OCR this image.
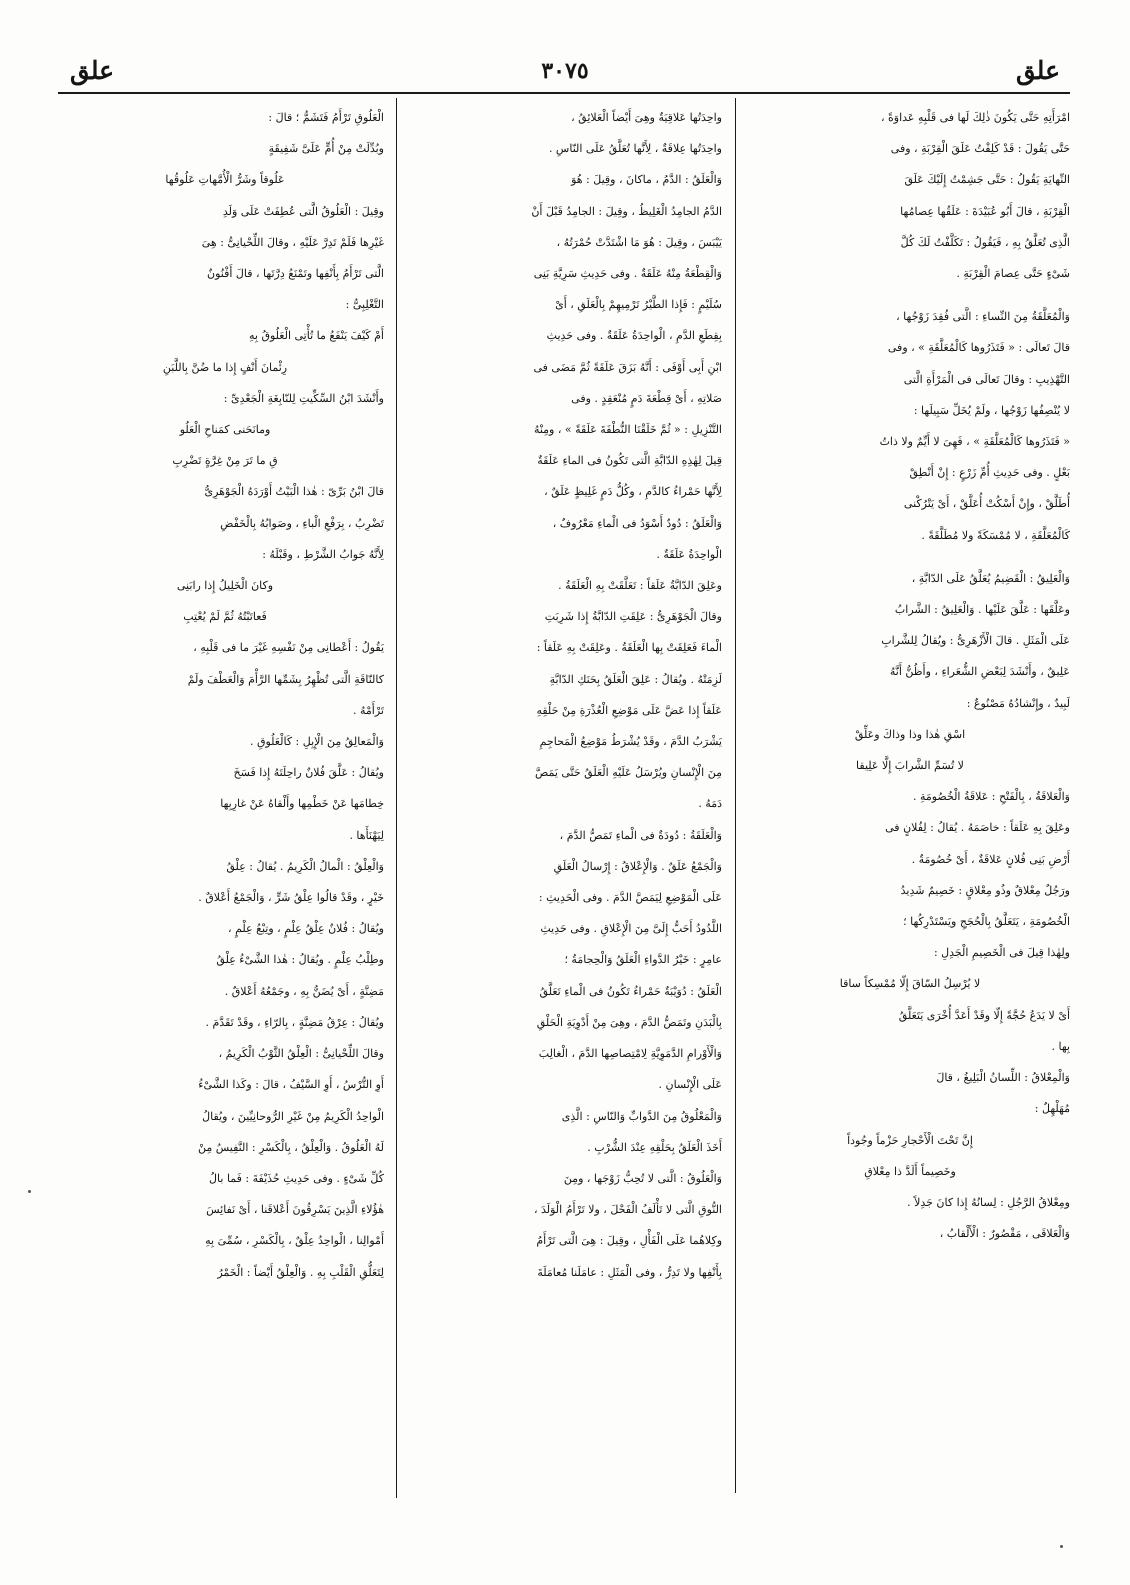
علق
٣٠٧٥
علق
امْرَأَتِهِ حَتَّى يَكُونَ ذٰلِكَ لَها فى قَلْبِهِ عَداوَةً ،
حَتَّى يَقُولَ : قَدْ كَلِفْتُ عَلَقَ الْقِرْبَةِ ، وفى
النِّهايَةِ يَقُولُ : حَتَّى جَشِمْتُ إِلَيْكَ عَلَقَ
الْقِرْبَةِ ، قالَ أَبُو عُبَيْدَةَ : عَلَقُها عِصامُها
الَّذِى تُعَلَّقُ بِهِ ، فَيَقُولُ : تَكَلَّفْتُ لَكَ كُلَّ
شَىْءٍ حَتَّى عِصامَ الْقِرْبَةِ .
وَالْمُعَلَّقَةُ مِنَ النِّساءِ : الَّتى فُقِدَ زَوْجُها ،
قالَ تَعالَى : « فَتَذَرُوها كَالْمُعَلَّقَةِ » ، وفى
التَّهْذِيبِ : وقالَ تَعالَى فى الْمَرْأَةِ الَّتى
لا يُنْصِفُها زَوْجُها ، ولَمْ يُخَلِّ سَبِيلَها :
« فَتَذَرُوها كَالْمُعَلَّقَةِ » ، فَهِىَ لا أَيِّمٌ ولا ذاتُ
بَعْلٍ . وفى حَدِيثِ أُمِّ زَرْعٍ : إِنْ أَنْطِقْ
أُطَلَّقْ ، وإِنْ أَسْكُتْ أُعَلَّقْ ، أَىْ يَتْرُكْنى
كَالْمُعَلَّقَةِ ، لا مُمْسَكَةً ولا مُطَلَّقَةً .
وَالْعَلِيقُ : الْقَضِيمُ يُعَلَّقُ عَلَى الدّابَّةِ ،
وعَلَّقَها : عَلَّقَ عَلَيْها . وَالْعَلِيقُ : الشَّرابُ
عَلَى الْمَثَلِ . قالَ الْأَزْهَرِىُّ : ويُقالُ لِلشَّرابِ
عَلِيقٌ ، وأَنْشَدَ لِبَعْضِ الشُّعَراءِ ، وأَظُنُّ أَنَّهُ
لَبِيدٌ ، وإِنْشادُهُ مَصْنُوعٌ :
اسْقِ هٰذا وذا وذاكَ وعَلِّقْ
لا تُسَمِّ الشَّرابَ إِلَّا عَلِيقا
وَالْعَلاقَةُ ، بِالْفَتْحِ : عَلاقَةُ الْخُصُومَةِ .
وعَلِقَ بِهِ عَلَقاً : خاصَمَهُ . يُقالُ : لِفُلانٍ فى
أَرْضِ بَنِى فُلانٍ عَلاقَةٌ ، أَىْ خُصُومَةٌ .
ورَجُلٌ مِعْلاقٌ وذُو مِعْلاقٍ : خَصِيمٌ شَدِيدُ
الْخُصُومَةِ ، يَتَعَلَّقُ بِالْحُجَجِ ويَسْتَدْرِكُها ؛
ولِهٰذا قِيلَ فى الْخَصِيمِ الْجَدِلِ :
لا يُرْسِلُ السّاقَ إِلّا مُمْسِكاً ساقا
أَىْ لا يَدَعُ حُجَّةً إِلّا وقَدْ أَعَدَّ أُخْرَى يَتَعَلَّقُ
بِها .
وَالْمِعْلاقُ : اللِّسانُ الْبَلِيغُ ، قالَ
مُهَلْهِلٌ :
إِنَّ تَحْتَ الْأَحْجارِ حَزْماً وجُوداً
وخَصِيماً أَلَدَّ ذا مِعْلاقِ
ومِعْلاقُ الرَّجُلِ : لِسانُهُ إِذا كانَ جَدِلاً .
وَالْعَلاقَى ، مَقْصُورٌ : الْأَلْقابُ ،
واحِدَتُها عَلاقِيَةٌ وهِىَ أَيْضاً الْعَلائِقُ ،
واحِدَتُها عِلاقَةٌ ، لِأَنَّها تُعَلَّقُ عَلَى النّاسِ .
وَالْعَلَقُ : الدَّمُ ، ماكانَ ، وقِيلَ : هُوَ
الدَّمُ الجامِدُ الْغَلِيظُ ، وقِيلَ : الجامِدُ قَبْلَ أَنْ
يَيْبَسَ ، وقِيلَ : هُوَ مَا اشْتَدَّتْ حُمْرَتُهُ ،
وَالْقِطْعَةُ مِنْهُ عَلَقَةٌ . وفى حَدِيثِ سَرِيَّةِ بَنِى
سُلَيْمٍ : فَإِذا الطَّيْرُ تَرْمِيهِمْ بِالْعَلَقِ ، أَىْ
بِقِطَعِ الدَّمِ ، الْواحِدَةُ عَلَقَةٌ . وفى حَدِيثِ
ابْنِ أَبِى أَوْفَى : أَنَّهُ بَزَقَ عَلَقَةً ثُمَّ مَضَى فى
صَلاتِهِ ، أَىْ قِطْعَةَ دَمٍ مُنْعَقِدٍ . وفى
التَّنْزِيلِ : « ثُمَّ خَلَقْنَا النُّطْفَةَ عَلَقَةً » ، ومِنْهُ
قِيلَ لِهٰذِهِ الدّابَّةِ الَّتى تَكُونُ فى الماءِ عَلَقَةٌ
لِأَنَّها حَمْراءُ كالدَّمِ ، وكُلُّ دَمٍ غَلِيظٍ عَلَقٌ ،
وَالْعَلَقُ : دُودٌ أَسْوَدُ فى الْماءِ مَعْرُوفٌ ،
الْواحِدَةُ عَلَقَةٌ .
وعَلِقَ الدّابَّةُ عَلَقاً : تَعَلَّقَتْ بِهِ الْعَلَقَةُ .
وقالَ الْجَوْهَرِىُّ : عَلِقَتِ الدّابَّةُ إِذا شَرِبَتِ
الْماءَ فَعَلِقَتْ بِها الْعَلَقَةُ . وعَلِقَتْ بِهِ عَلَقاً :
لَزِمَتْهُ . ويُقالُ : عَلِقَ الْعَلَقُ بِحَنَكِ الدّابَّةِ
عَلَقاً إِذا عَضَّ عَلَى مَوْضِعِ الْعُذْرَةِ مِنْ حَلْقِهِ
يَشْرَبُ الدَّمَ ، وقَدْ يُشْرَطُ مَوْضِعُ الْمَحاجِمِ
مِنَ الْإِنْسانِ ويُرْسَلُ عَلَيْهِ الْعَلَقُ حَتَّى يَمَصَّ
دَمَهُ .
وَالْعَلَقَةُ : دُودَةٌ فى الْماءِ تَمَصُّ الدَّمَ ،
وَالْجَمْعُ عَلَقٌ . وَالْإِعْلاقُ : إِرْسالُ الْعَلَقِ
عَلَى الْمَوْضِعِ لِيَمَصَّ الدَّمَ . وفى الْحَدِيثِ :
اللَّدُودُ أَحَبُّ إِلَىَّ مِنَ الْإِعْلاقِ . وفى حَدِيثِ
عامِرٍ : خَيْرُ الدَّواءِ الْعَلَقُ وَالْحِجامَةُ ؛
الْعَلَقُ : دُوَيْبَةٌ حَمْراءُ تَكُونُ فى الْماءِ تَعَلَّقُ
بِالْبَدَنِ وتَمَصُّ الدَّمَ ، وهِىَ مِنْ أَدْوِيَةِ الْحَلْقِ
وَالْأَوْرامِ الدَّمَوِيَّةِ لِامْتِصاصِها الدَّمَ ، الْغالِبَ
عَلَى الْإِنْسانِ .
وَالْمَعْلُوقُ مِنَ الدَّوابِّ وَالنّاسِ : الَّذِى
أَخَذَ الْعَلَقُ بِحَلْقِهِ عِنْدَ الشُّرْبِ .
وَالْعَلُوقُ : الَّتى لا تُحِبُّ زَوْجَها ، ومِنَ
النُّوقِ الَّتى لا تَأْلَفُ الْفَحْلَ ، ولا تَرْأَمُ الْوَلَدَ ،
وكِلاهُما عَلَى الْفَأْلِ ، وقِيلَ : هِىَ الَّتى تَرْأَمُ
بِأَنْفِها ولا تَدِرُّ ، وفى الْمَثَلِ : عامَلَنا مُعامَلَةَ
الْعَلُوقِ تَرْأَمُ فَتَشَمُّ ؛ قالَ :
وبُدِّلَتْ مِنْ أُمٍّ عَلَىَّ شَفِيقَةٍ
عَلُوقاً وشَرُّ الْأُمَّهاتِ عَلُوقُها
وقِيلَ : الْعَلُوقُ الَّتى عُطِفَتْ عَلَى وَلَدِ
غَيْرِها فَلَمْ تَدِرَّ عَلَيْهِ ، وقالَ اللِّحْيانِىُّ : هِىَ
الَّتى تَرْأَمُ بِأَنْفِها وتَمْنَعُ دِرَّتَها ، قالَ أَفْنُونٌ
التَّغْلِبِىُّ :
أَمْ كَيْفَ يَنْفَعُ ما تُأْتِى الْعَلُوقُ بِهِ
رِئْمانَ أَنْفٍ إِذا ما ضُنَّ بِاللَّبَنِ
وأَنْشَدَ ابْنُ السِّكِّيتِ لِلنّابِغَةِ الْجَعْدِىِّ :
ومانَحَنى كمَناحِ الْعَلُو
قِ ما تَرَ مِنْ غِرَّةٍ تَضْرِبِ
قالَ ابْنُ بَرِّىّ : هٰذا الْبَيْتُ أَوْرَدَهُ الْجَوْهَرِىُّ
تَضْرِبُ ، بِرَفْعِ الْباءِ ، وصَوابُهُ بِالْخَفْضِ
لِأَنَّهُ جَوابُ الشَّرْطِ ، وقَبْلَهُ :
وكانَ الْخَلِيلُ إِذا رابَنِى
فَعاتَبْتُهُ ثُمَّ لَمْ يُعْتِبِ
يَقُولُ : أَعْطانِى مِنْ نَفْسِهِ غَيْرَ ما فى قَلْبِهِ ،
كالنّاقَةِ الَّتى تُظْهِرُ بِشَمِّها الرَّأْمَ وَالْعَطْفَ ولَمْ
تَرْأَمْهُ .
وَالْمَعالِقُ مِنَ الْإِبِلِ : كَالْعَلُوقِ .
ويُقالُ : عَلَّقَ فُلانٌ راحِلَتَهُ إِذا فَسَخَ
خِطامَها عَنْ خَطْمِها وأَلْقاهُ عَنْ غارِبِها
لِيَهْنَأَها .
وَالْعِلْقُ : الْمالُ الْكَرِيمُ . يُقالُ : عِلْقُ
خَيْرٍ ، وقَدْ قالُوا عِلْقُ شَرٍّ ، وَالْجَمْعُ أَعْلاقٌ .
ويُقالُ : فُلانٌ عِلْقُ عِلْمٍ ، وتِبْعُ عِلْمٍ ،
وطِلْبُ عِلْمٍ . ويُقالُ : هٰذا الشَّىْءُ عِلْقُ
مَضِنَّةٍ ، أَىْ يُضَنُّ بِهِ ، وجَمْعُهُ أَعْلاقٌ .
ويُقالُ : عِرْقُ مَضِنَّةٍ ، بِالرّاءِ ، وقَدْ تَقَدَّمَ .
وقالَ اللِّحْيانِىُّ : الْعِلْقُ الثَّوْبُ الْكَرِيمُ ،
أَوِ التُّرْسُ ، أَوِ السَّيْفُ ، قالَ : وكَذا الشَّىْءُ
الْواحِدُ الْكَرِيمُ مِنْ غَيْرِ الرُّوحانِيِّينَ ، ويُقالُ
لَهُ الْعَلُوقُ . وَالْعِلْقُ ، بِالْكَسْرِ : النَّفِيسُ مِنْ
كُلِّ شَىْءٍ . وفى حَدِيثِ حُذَيْفَةَ : فَما بالُ
هٰؤُلاءِ الَّذِينَ يَسْرِقُونَ أَعْلاقَنا ، أَىْ نَفائِسَ
أَمْوالِنا ، الْواحِدُ عِلْقٌ ، بِالْكَسْرِ ، سُمِّىَ بِهِ
لِتَعَلُّقِ الْقَلْبِ بِهِ . وَالْعِلْقُ أَيْضاً : الْخَمْرُ
